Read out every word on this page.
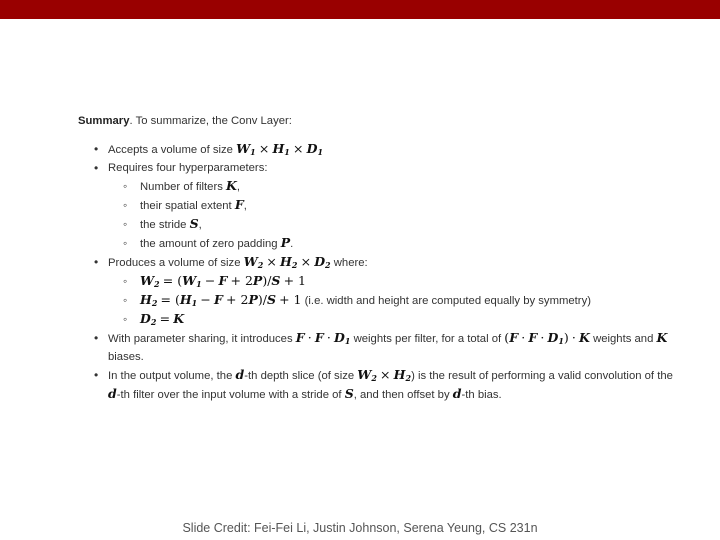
Summary. To summarize, the Conv Layer:

• Accepts a volume of size $W_1 \times H_1 \times D_1$
• Requires four hyperparameters:
◦ Number of filters K,
◦ their spatial extent F,
◦ the stride S,
◦ the amount of zero padding P.
• Produces a volume of size $W_2 \times H_2 \times D_2$ where:
◦ $W_2 = (W_1 - F + 2P)/S + 1$
◦ $H_2 = (H_1 - F + 2P)/S + 1$ (i.e. width and height are computed equally by symmetry)
◦ $D_2 = K$
• With parameter sharing, it introduces $F \cdot F \cdot D_1$ weights per filter, for a total of $(F \cdot F \cdot D_1) \cdot K$ weights and K biases.
• In the output volume, the d-th depth slice (of size $W_2 \times H_2$) is the result of performing a valid convolution of the d-th filter over the input volume with a stride of S, and then offset by d-th bias.
Slide Credit: Fei-Fei Li, Justin Johnson, Serena Yeung, CS 231n
